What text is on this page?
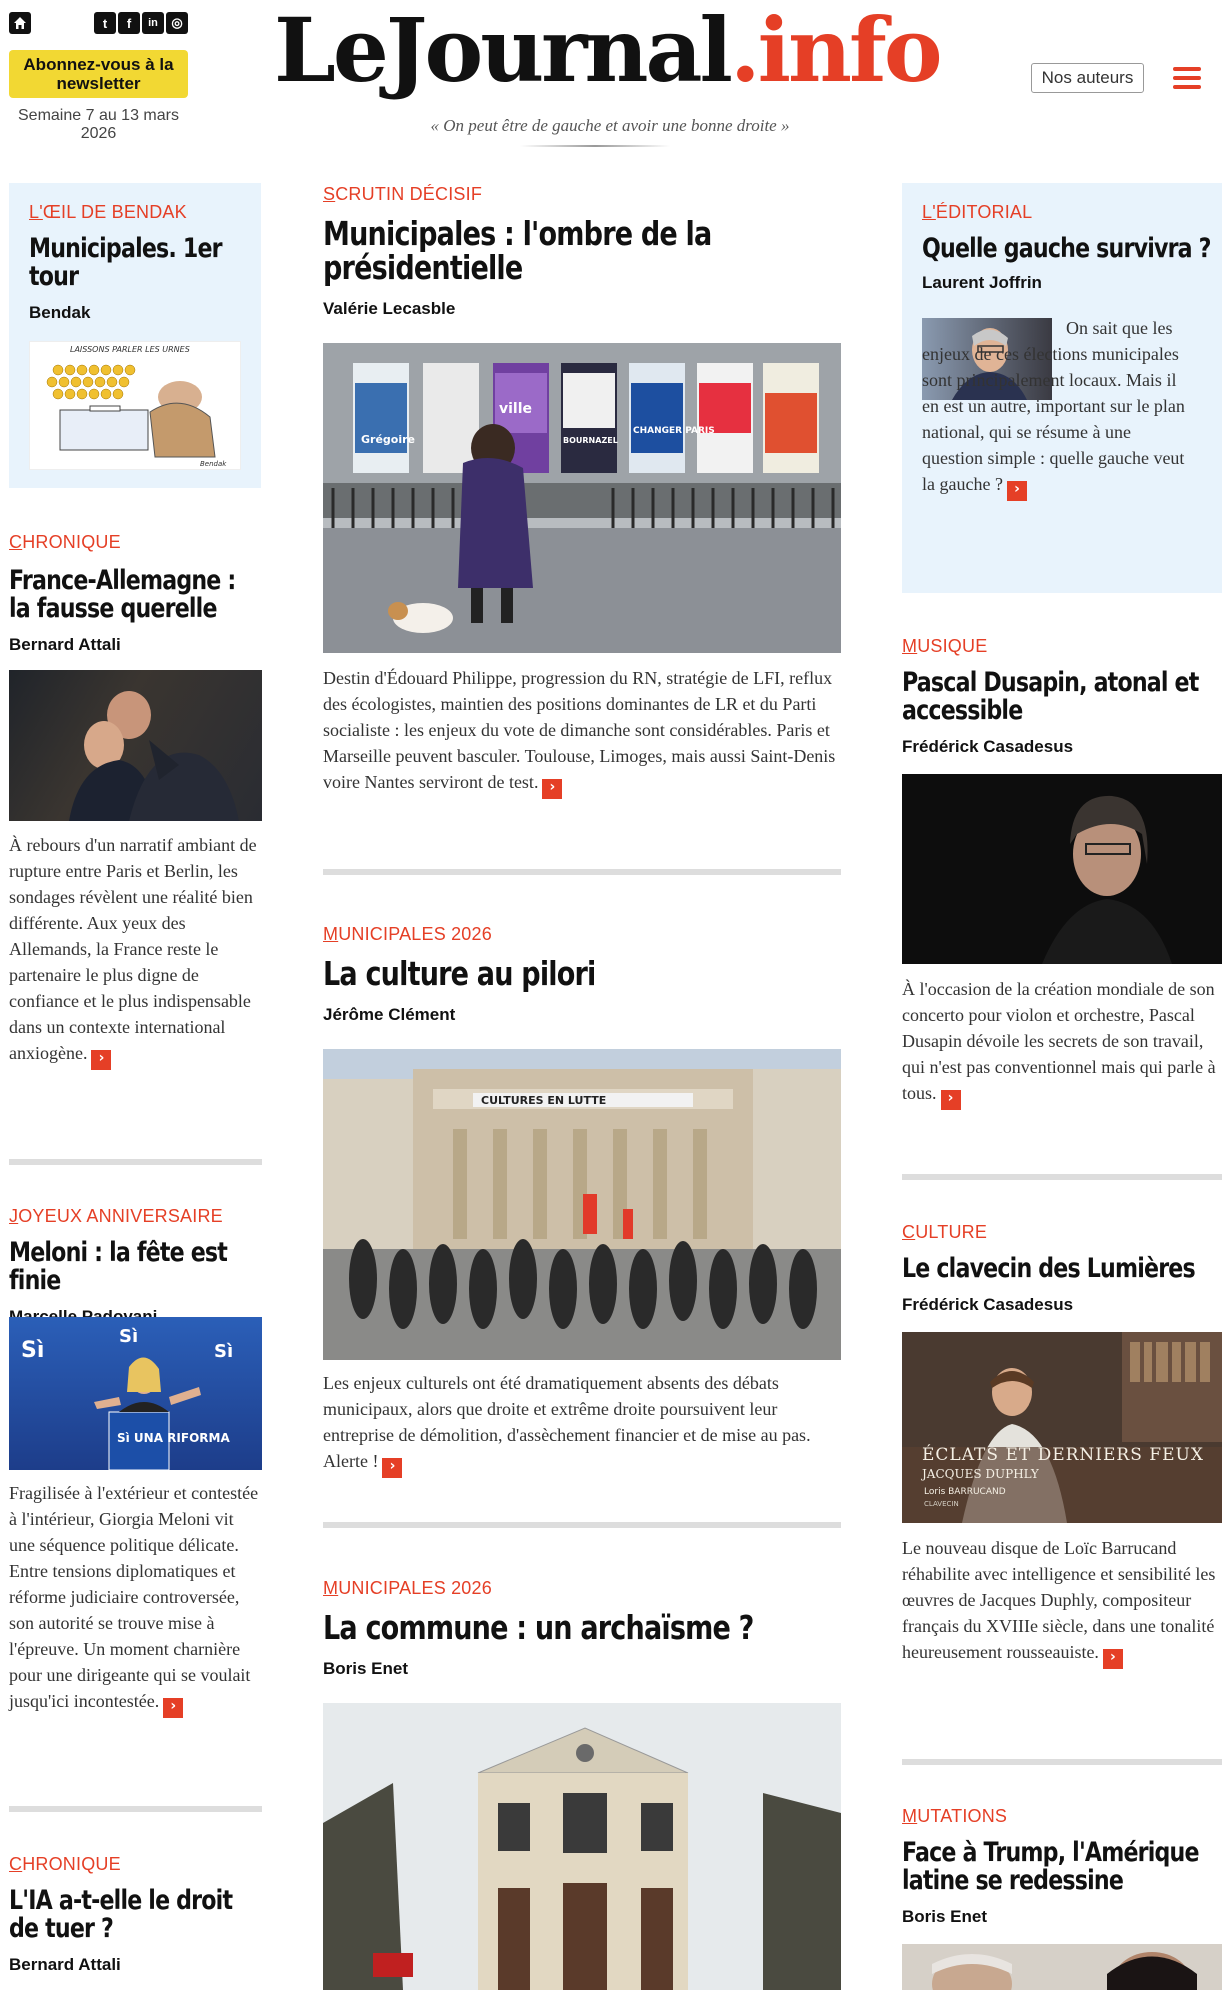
t	f	in	◎
Abonnez-vous à la newsletter
Semaine 7 au 13 mars 2026
LeJournal.info
« On peut être de gauche et avoir une bonne droite »
Nos auteurs
L'ŒIL DE BENDAK
Municipales. 1er tour
Bendak
LAISSONS PARLER LES URNES
Bendak
CHRONIQUE
France-Allemagne : la fausse querelle
Bernard Attali
À rebours d'un narratif ambiant de rupture entre Paris et Berlin, les sondages révèlent une réalité bien différente. Aux yeux des Allemands, la France reste le partenaire le plus digne de confiance et le plus indispensable dans un contexte international anxiogène. ›
JOYEUX ANNIVERSAIRE
Meloni : la fête est finie
Sì UNA RIFORMA
Sì
Sì
Sì
Fragilisée à l'extérieur et contestée à l'intérieur, Giorgia Meloni vit une séquence politique délicate. Entre tensions diplomatiques et réforme judiciaire controversée, son autorité se trouve mise à l'épreuve. Un moment charnière pour une dirigeante qui se voulait jusqu'ici incontestée. ›
CHRONIQUE
L'IA a-t-elle le droit de tuer ?
Bernard Attali
SCRUTIN DÉCISIF
Municipales : l'ombre de la présidentielle
Valérie Lecasble
Grégoire
ville
BOURNAZEL
CHANGER PARIS
Destin d'Édouard Philippe, progression du RN, stratégie de LFI, reflux des écologistes, maintien des positions dominantes de LR et du Parti socialiste : les enjeux du vote de dimanche sont considérables. Paris et Marseille peuvent basculer. Toulouse, Limoges, mais aussi Saint-Denis voire Nantes serviront de test. ›
MUNICIPALES 2026
La culture au pilori
Jérôme Clément
CULTURES EN LUTTE
Les enjeux culturels ont été dramatiquement absents des débats municipaux, alors que droite et extrême droite poursuivent leur entreprise de démolition, d'assèchement financier et de mise au pas. Alerte ! ›
MUNICIPALES 2026
La commune : un archaïsme ?
Boris Enet
L'ÉDITORIAL
Quelle gauche survivra ?
Laurent Joffrin
On sait que les enjeux de ces élections municipales sont principalement locaux. Mais il en est un autre, important sur le plan national, qui se résume à une question simple : quelle gauche veut la gauche ? ›
MUSIQUE
Pascal Dusapin, atonal et accessible
Frédérick Casadesus
À l'occasion de la création mondiale de son concerto pour violon et orchestre, Pascal Dusapin dévoile les secrets de son travail, qui n'est pas conventionnel mais qui parle à tous. ›
CULTURE
Le clavecin des Lumières
Frédérick Casadesus
ÉCLATS ET DERNIERS FEUX
JACQUES DUPHLY
Loris BARRUCAND
CLAVECIN
Le nouveau disque de Loïc Barrucand réhabilite avec intelligence et sensibilité les œuvres de Jacques Duphly, compositeur français du XVIIIe siècle, dans une tonalité heureusement rousseauiste. ›
MUTATIONS
Face à Trump, l'Amérique latine se redessine
Boris Enet
